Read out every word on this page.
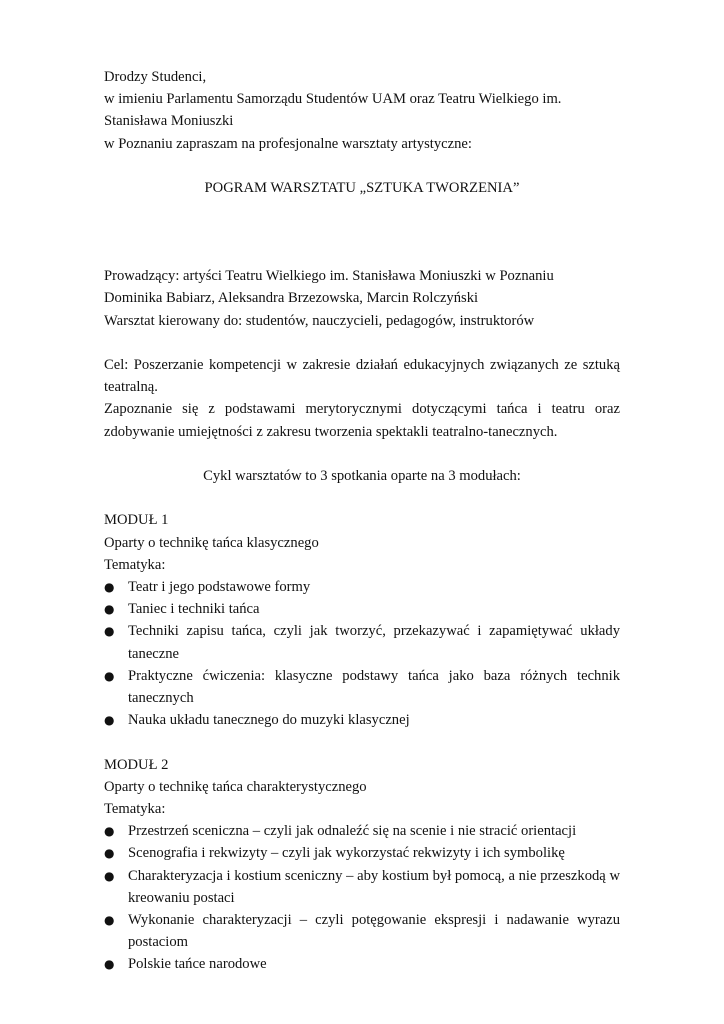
Drodzy Studenci,
w imieniu Parlamentu Samorządu Studentów UAM oraz Teatru Wielkiego im.
Stanisława Moniuszki
w Poznaniu zapraszam na profesjonalne warsztaty artystyczne:
POGRAM WARSZTATU „SZTUKA TWORZENIA”
Prowadzący: artyści Teatru Wielkiego im. Stanisława Moniuszki w Poznaniu
Dominika Babiarz, Aleksandra Brzezowska, Marcin Rolczyński
Warsztat kierowany do: studentów, nauczycieli, pedagogów, instruktorów
Cel: Poszerzanie kompetencji w zakresie działań edukacyjnych związanych ze sztuką teatralną.
Zapoznanie się z podstawami merytorycznymi dotyczącymi tańca i teatru oraz zdobywanie umiejętności z zakresu tworzenia spektakli teatralno-tanecznych.
Cykl warsztatów to 3 spotkania oparte na 3 modułach:
MODUŁ 1
Oparty o technikę tańca klasycznego
Tematyka:
● Teatr i jego podstawowe formy
● Taniec i techniki tańca
● Techniki zapisu tańca, czyli jak tworzyć, przekazywać i zapamiętywać układy taneczne
● Praktyczne ćwiczenia: klasyczne podstawy tańca jako baza różnych technik tanecznych
● Nauka układu tanecznego do muzyki klasycznej
MODUŁ 2
Oparty o technikę tańca charakterystycznego
Tematyka:
● Przestrzeń sceniczna – czyli jak odnaleźć się na scenie i nie stracić orientacji
● Scenografia i rekwizyty – czyli jak wykorzystać rekwizyty i ich symbolikę
● Charakteryzacja i kostium sceniczny – aby kostium był pomocą, a nie przeszkodą w kreowaniu postaci
● Wykonanie charakteryzacji – czyli potęgowanie ekspresji i nadawanie wyrazu postaciom
● Polskie tańce narodowe
